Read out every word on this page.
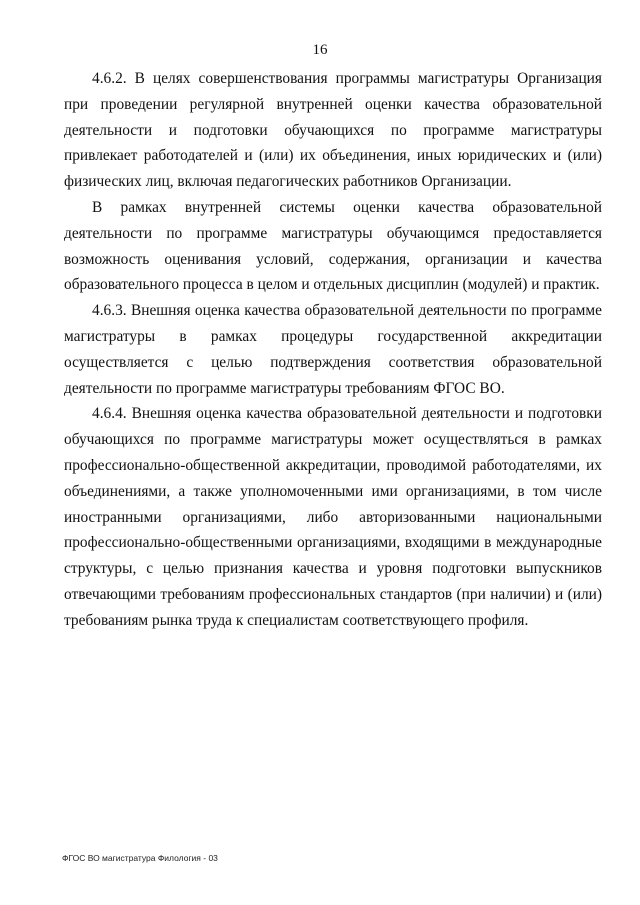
16

4.6.2. В целях совершенствования программы магистратуры Организация при проведении регулярной внутренней оценки качества образовательной деятельности и подготовки обучающихся по программе магистратуры привлекает работодателей и (или) их объединения, иных юридических и (или) физических лиц, включая педагогических работников Организации.

В рамках внутренней системы оценки качества образовательной деятельности по программе магистратуры обучающимся предоставляется возможность оценивания условий, содержания, организации и качества образовательного процесса в целом и отдельных дисциплин (модулей) и практик.

4.6.3. Внешняя оценка качества образовательной деятельности по программе магистратуры в рамках процедуры государственной аккредитации осуществляется с целью подтверждения соответствия образовательной деятельности по программе магистратуры требованиям ФГОС ВО.

4.6.4. Внешняя оценка качества образовательной деятельности и подготовки обучающихся по программе магистратуры может осуществляться в рамках профессионально-общественной аккредитации, проводимой работодателями, их объединениями, а также уполномоченными ими организациями, в том числе иностранными организациями, либо авторизованными национальными профессионально-общественными организациями, входящими в международные структуры, с целью признания качества и уровня подготовки выпускников отвечающими требованиям профессиональных стандартов (при наличии) и (или) требованиям рынка труда к специалистам соответствующего профиля.

ФГОС ВО магистратура Филология - 03
